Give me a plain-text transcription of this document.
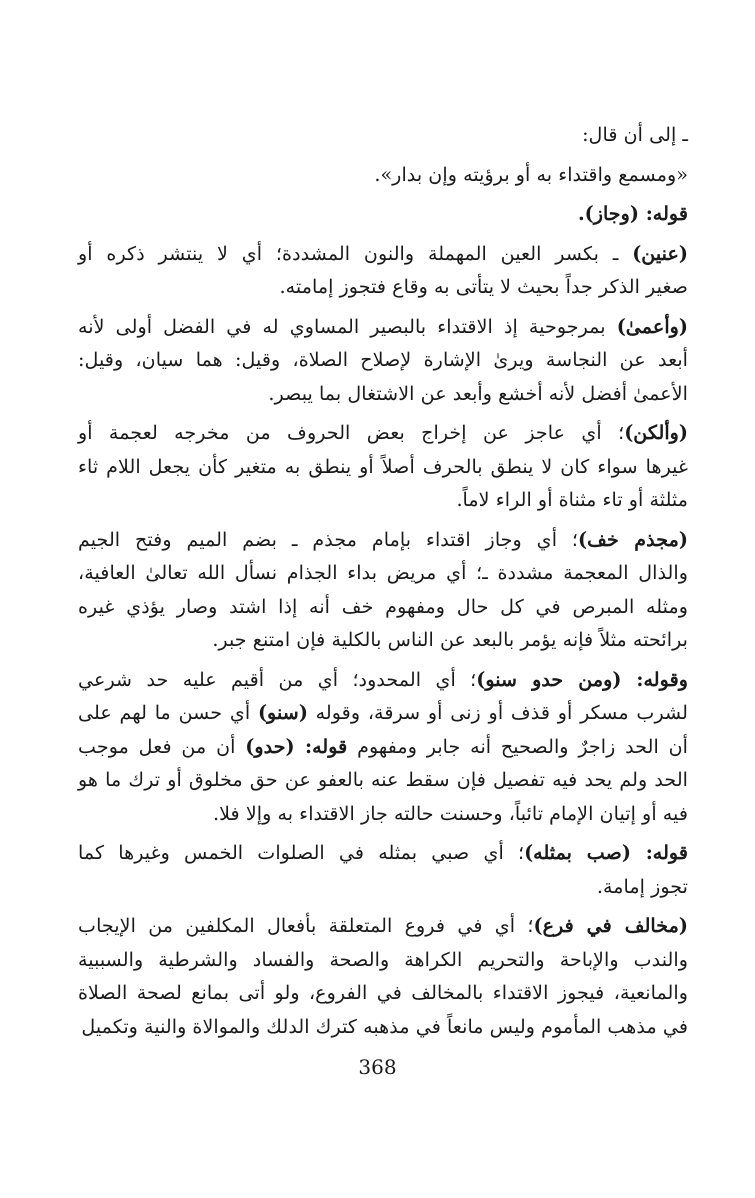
ـ إلى أن قال:
«ومسمع واقتداء به أو برؤيته وإن بدار».
قوله: (وجاز).
(عنين) ـ بكسر العين المهملة والنون المشددة؛ أي لا ينتشر ذكره أو
صغير الذكر جداً بحيث لا يتأتى به وقاع فتجوز إمامته.
(وأعمىٰ) بمرجوحية إذ الاقتداء بالبصير المساوي له في الفضل أولى لأنه
أبعد عن النجاسة ويرىٰ الإشارة لإصلاح الصلاة، وقيل: هما سيان، وقيل:
الأعمىٰ أفضل لأنه أخشع وأبعد عن الاشتغال بما يبصر.
(وألكن)؛ أي عاجز عن إخراج بعض الحروف من مخرجه لعجمة أو
غيرها سواء كان لا ينطق بالحرف أصلاً أو ينطق به متغير كأن يجعل اللام ثاء
مثلثة أو تاء مثناة أو الراء لاماً.
(مجذم خف)؛ أي وجاز اقتداء بإمام مجذم ـ بضم الميم وفتح الجيم
والذال المعجمة مشددة ـ؛ أي مريض بداء الجذام نسأل الله تعالىٰ العافية،
ومثله المبرص في كل حال ومفهوم خف أنه إذا اشتد وصار يؤذي غيره
برائحته مثلاً فإنه يؤمر بالبعد عن الناس بالكلية فإن امتنع جبر.
وقوله: (ومن حدو سنو)؛ أي المحدود؛ أي من أقيم عليه حد شرعي
لشرب مسكر أو قذف أو زنى أو سرقة، وقوله (سنو) أي حسن ما لهم على
أن الحد زاجرٌ والصحيح أنه جابر ومفهوم قوله: (حدو) أن من فعل موجب
الحد ولم يحد فيه تفصيل فإن سقط عنه بالعفو عن حق مخلوق أو ترك ما هو
فيه أو إتيان الإمام تائباً، وحسنت حالته جاز الاقتداء به وإلا فلا.
قوله: (صب بمثله)؛ أي صبي بمثله في الصلوات الخمس وغيرها كما
تجوز إمامة.
(مخالف في فرع)؛ أي في فروع المتعلقة بأفعال المكلفين من الإيجاب
والندب والإباحة والتحريم الكراهة والصحة والفساد والشرطية والسببية
والمانعية، فيجوز الاقتداء بالمخالف في الفروع، ولو أتى بمانع لصحة الصلاة
في مذهب المأموم وليس مانعاً في مذهبه كترك الدلك والموالاة والنية وتكميل
368
